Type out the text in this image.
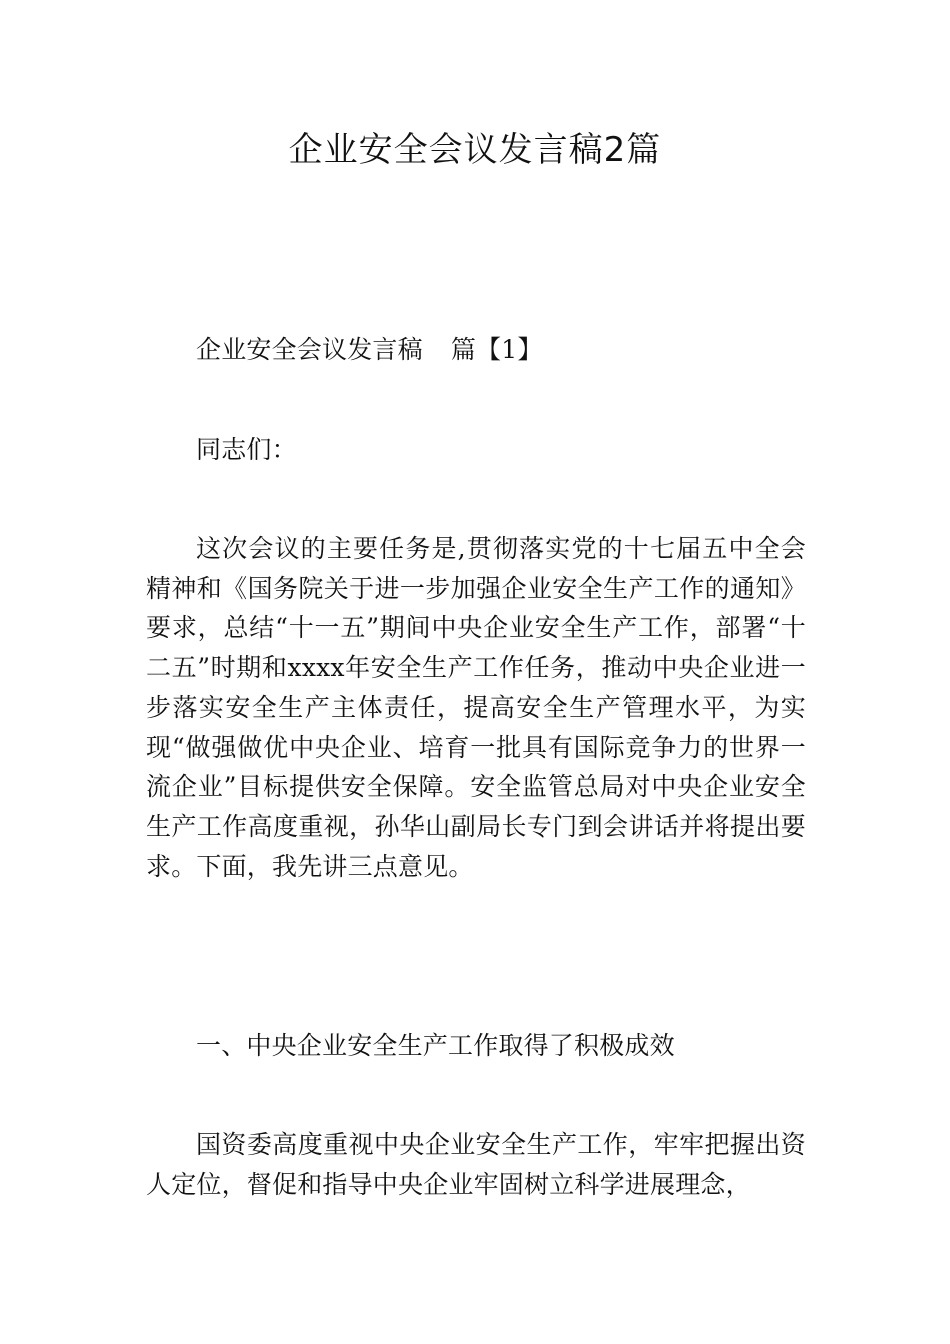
企业安全会议发言稿2篇

企业安全会议发言稿 篇【1】

同志们：

这次会议的主要任务是,贯彻落实党的十七届五中全会精神和《国务院关于进一步加强企业安全生产工作的通知》要求，总结“十一五”期间中央企业安全生产工作，部署“十二五”时期和xxxx年安全生产工作任务，推动中央企业进一步落实安全生产主体责任，提高安全生产管理水平，为实现“做强做优中央企业、培育一批具有国际竞争力的世界一流企业”目标提供安全保障。安全监管总局对中央企业安全生产工作高度重视，孙华山副局长专门到会讲话并将提出要求。下面，我先讲三点意见。

一、中央企业安全生产工作取得了积极成效

国资委高度重视中央企业安全生产工作，牢牢把握出资人定位，督促和指导中央企业牢固树立科学进展理念，
